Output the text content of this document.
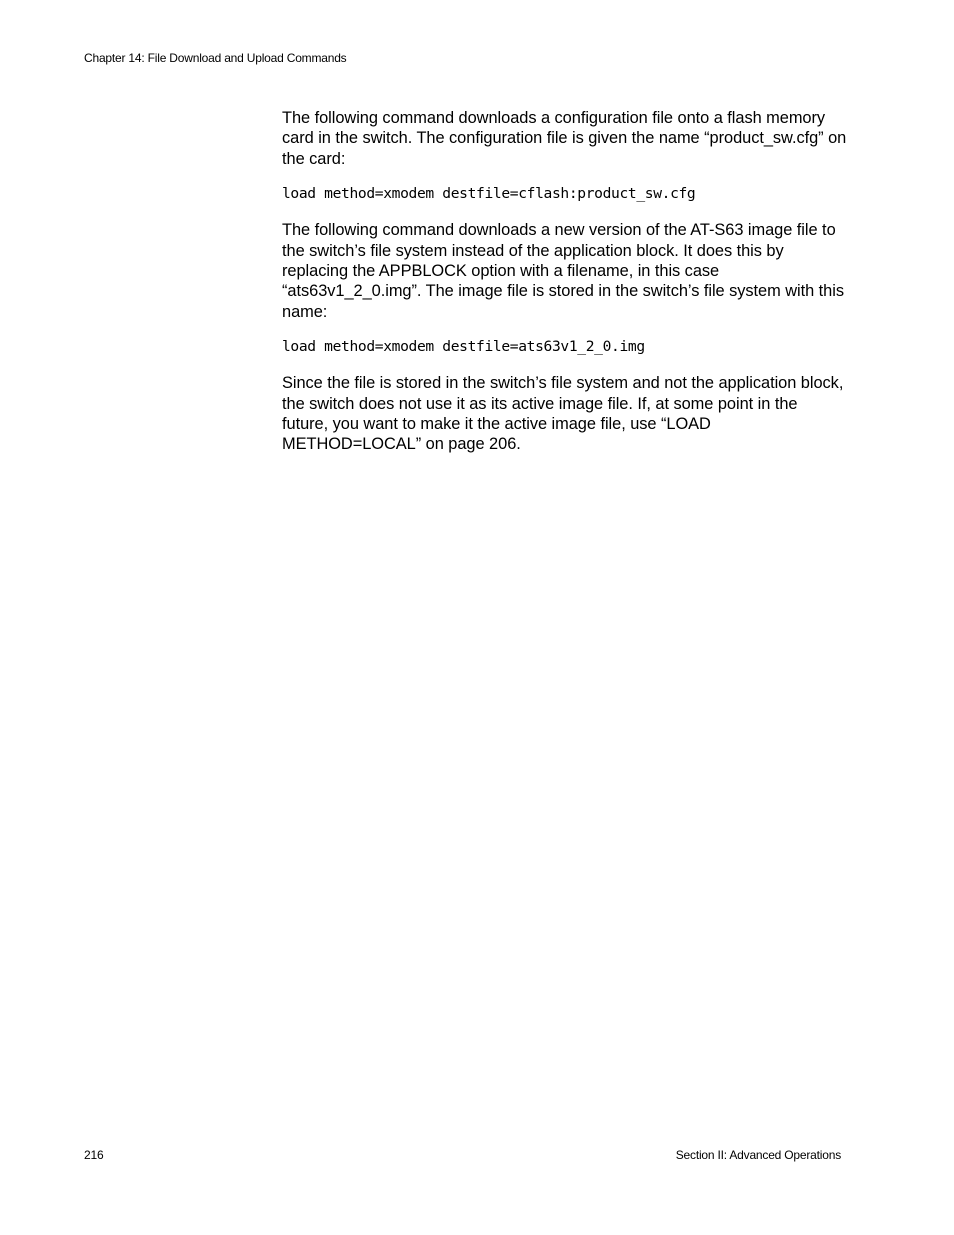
Chapter 14: File Download and Upload Commands

The following command downloads a configuration file onto a flash memory card in the switch. The configuration file is given the name “product_sw.cfg” on the card:

load method=xmodem destfile=cflash:product_sw.cfg

The following command downloads a new version of the AT-S63 image file to the switch’s file system instead of the application block. It does this by replacing the APPBLOCK option with a filename, in this case “ats63v1_2_0.img”. The image file is stored in the switch’s file system with this name:

load method=xmodem destfile=ats63v1_2_0.img

Since the file is stored in the switch’s file system and not the application block, the switch does not use it as its active image file. If, at some point in the future, you want to make it the active image file, use “LOAD METHOD=LOCAL” on page 206.

216	Section II: Advanced Operations
